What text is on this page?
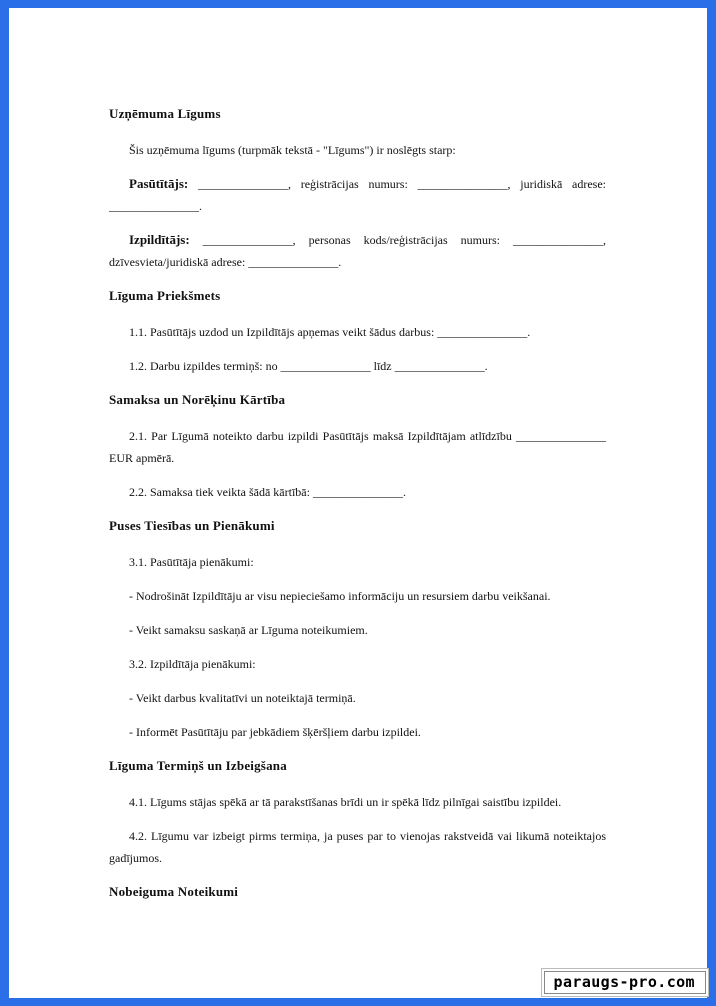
Uzņēmuma Līgums

Šis uzņēmuma līgums (turpmāk tekstā - "Līgums") ir noslēgts starp:

Pasūtītājs: _______________, reģistrācijas numurs: _______________, juridiskā adrese: _______________.

Izpildītājs: _______________, personas kods/reģistrācijas numurs: _______________, dzīvesvieta/juridiskā adrese: _______________.

Līguma Priekšmets

1.1. Pasūtītājs uzdod un Izpildītājs apņemas veikt šādus darbus: _______________.

1.2. Darbu izpildes termiņš: no _______________ līdz _______________.

Samaksa un Norēķinu Kārtība

2.1. Par Līgumā noteikto darbu izpildi Pasūtītājs maksā Izpildītājam atlīdzību _______________ EUR apmērā.

2.2. Samaksa tiek veikta šādā kārtībā: _______________.

Puses Tiesības un Pienākumi

3.1. Pasūtītāja pienākumi:

- Nodrošināt Izpildītāju ar visu nepieciešamo informāciju un resursiem darbu veikšanai.

- Veikt samaksu saskaņā ar Līguma noteikumiem.

3.2. Izpildītāja pienākumi:

- Veikt darbus kvalitatīvi un noteiktajā termiņā.

- Informēt Pasūtītāju par jebkādiem šķēršļiem darbu izpildei.

Līguma Termiņš un Izbeigšana

4.1. Līgums stājas spēkā ar tā parakstīšanas brīdi un ir spēkā līdz pilnīgai saistību izpildei.

4.2. Līgumu var izbeigt pirms termiņa, ja puses par to vienojas rakstveidā vai likumā noteiktajos gadījumos.

Nobeiguma Noteikumi
paraugs-pro.com
